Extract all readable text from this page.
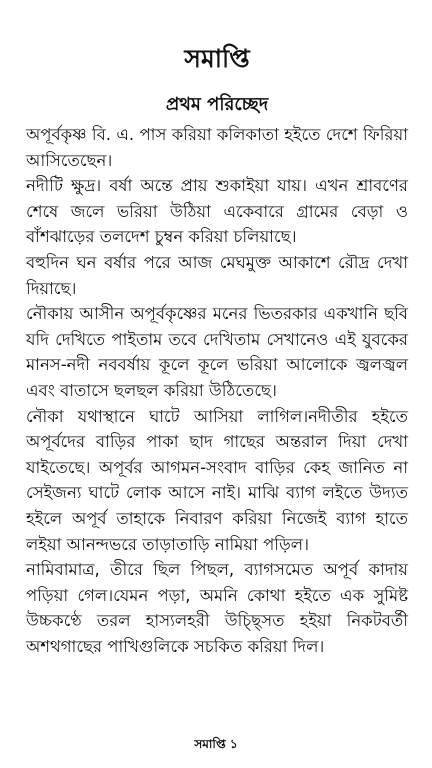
সমাপ্তি
প্রথম পরিচ্ছেদ

অপূর্বকৃষ্ণ বি. এ. পাস করিয়া কলিকাতা হইতে দেশে ফিরিয়া আসিতেছেন।

নদীটি ক্ষুদ্র। বর্ষা অন্তে প্রায় শুকাইয়া যায়। এখন শ্রাবণের শেষে জলে ভরিয়া উঠিয়া একেবারে গ্রামের বেড়া ও বাঁশঝাড়ের তলদেশ চুম্বন করিয়া চলিয়াছে।

বহুদিন ঘন বর্ষার পরে আজ মেঘমুক্ত আকাশে রৌদ্র দেখা দিয়াছে।

নৌকায় আসীন অপূর্বকৃষ্ণের মনের ভিতরকার একখানি ছবি যদি দেখিতে পাইতাম তবে দেখিতাম সেখানেও এই যুবকের মানস-নদী নববর্ষায় কূলে কূলে ভরিয়া আলোকে জ্বলজ্বল এবং বাতাসে ছলছল করিয়া উঠিতেছে।

নৌকা যথাস্থানে ঘাটে আসিয়া লাগিল।নদীতীর হইতে অপূর্বদের বাড়ির পাকা ছাদ গাছের অন্তরাল দিয়া দেখা যাইতেছে। অপূর্বর আগমন-সংবাদ বাড়ির কেহ জানিত না সেইজন্য ঘাটে লোক আসে নাই। মাঝি ব্যাগ লইতে উদ্যত হইলে অপূর্ব তাহাকে নিবারণ করিয়া নিজেই ব্যাগ হাতে লইয়া আনন্দভরে তাড়াতাড়ি নামিয়া পড়িল।

নামিবামাত্র, তীরে ছিল পিছল, ব্যাগসমেত অপূর্ব কাদায় পড়িয়া গেল।যেমন পড়া, অমনি কোথা হইতে এক সুমিষ্ট উচ্চকণ্ঠে তরল হাস্যলহরী উচ্ছ্সিত হইয়া নিকটবর্তী অশথগাছের পাখিগুলিকে সচকিত করিয়া দিল।

সমাপ্তি ১
